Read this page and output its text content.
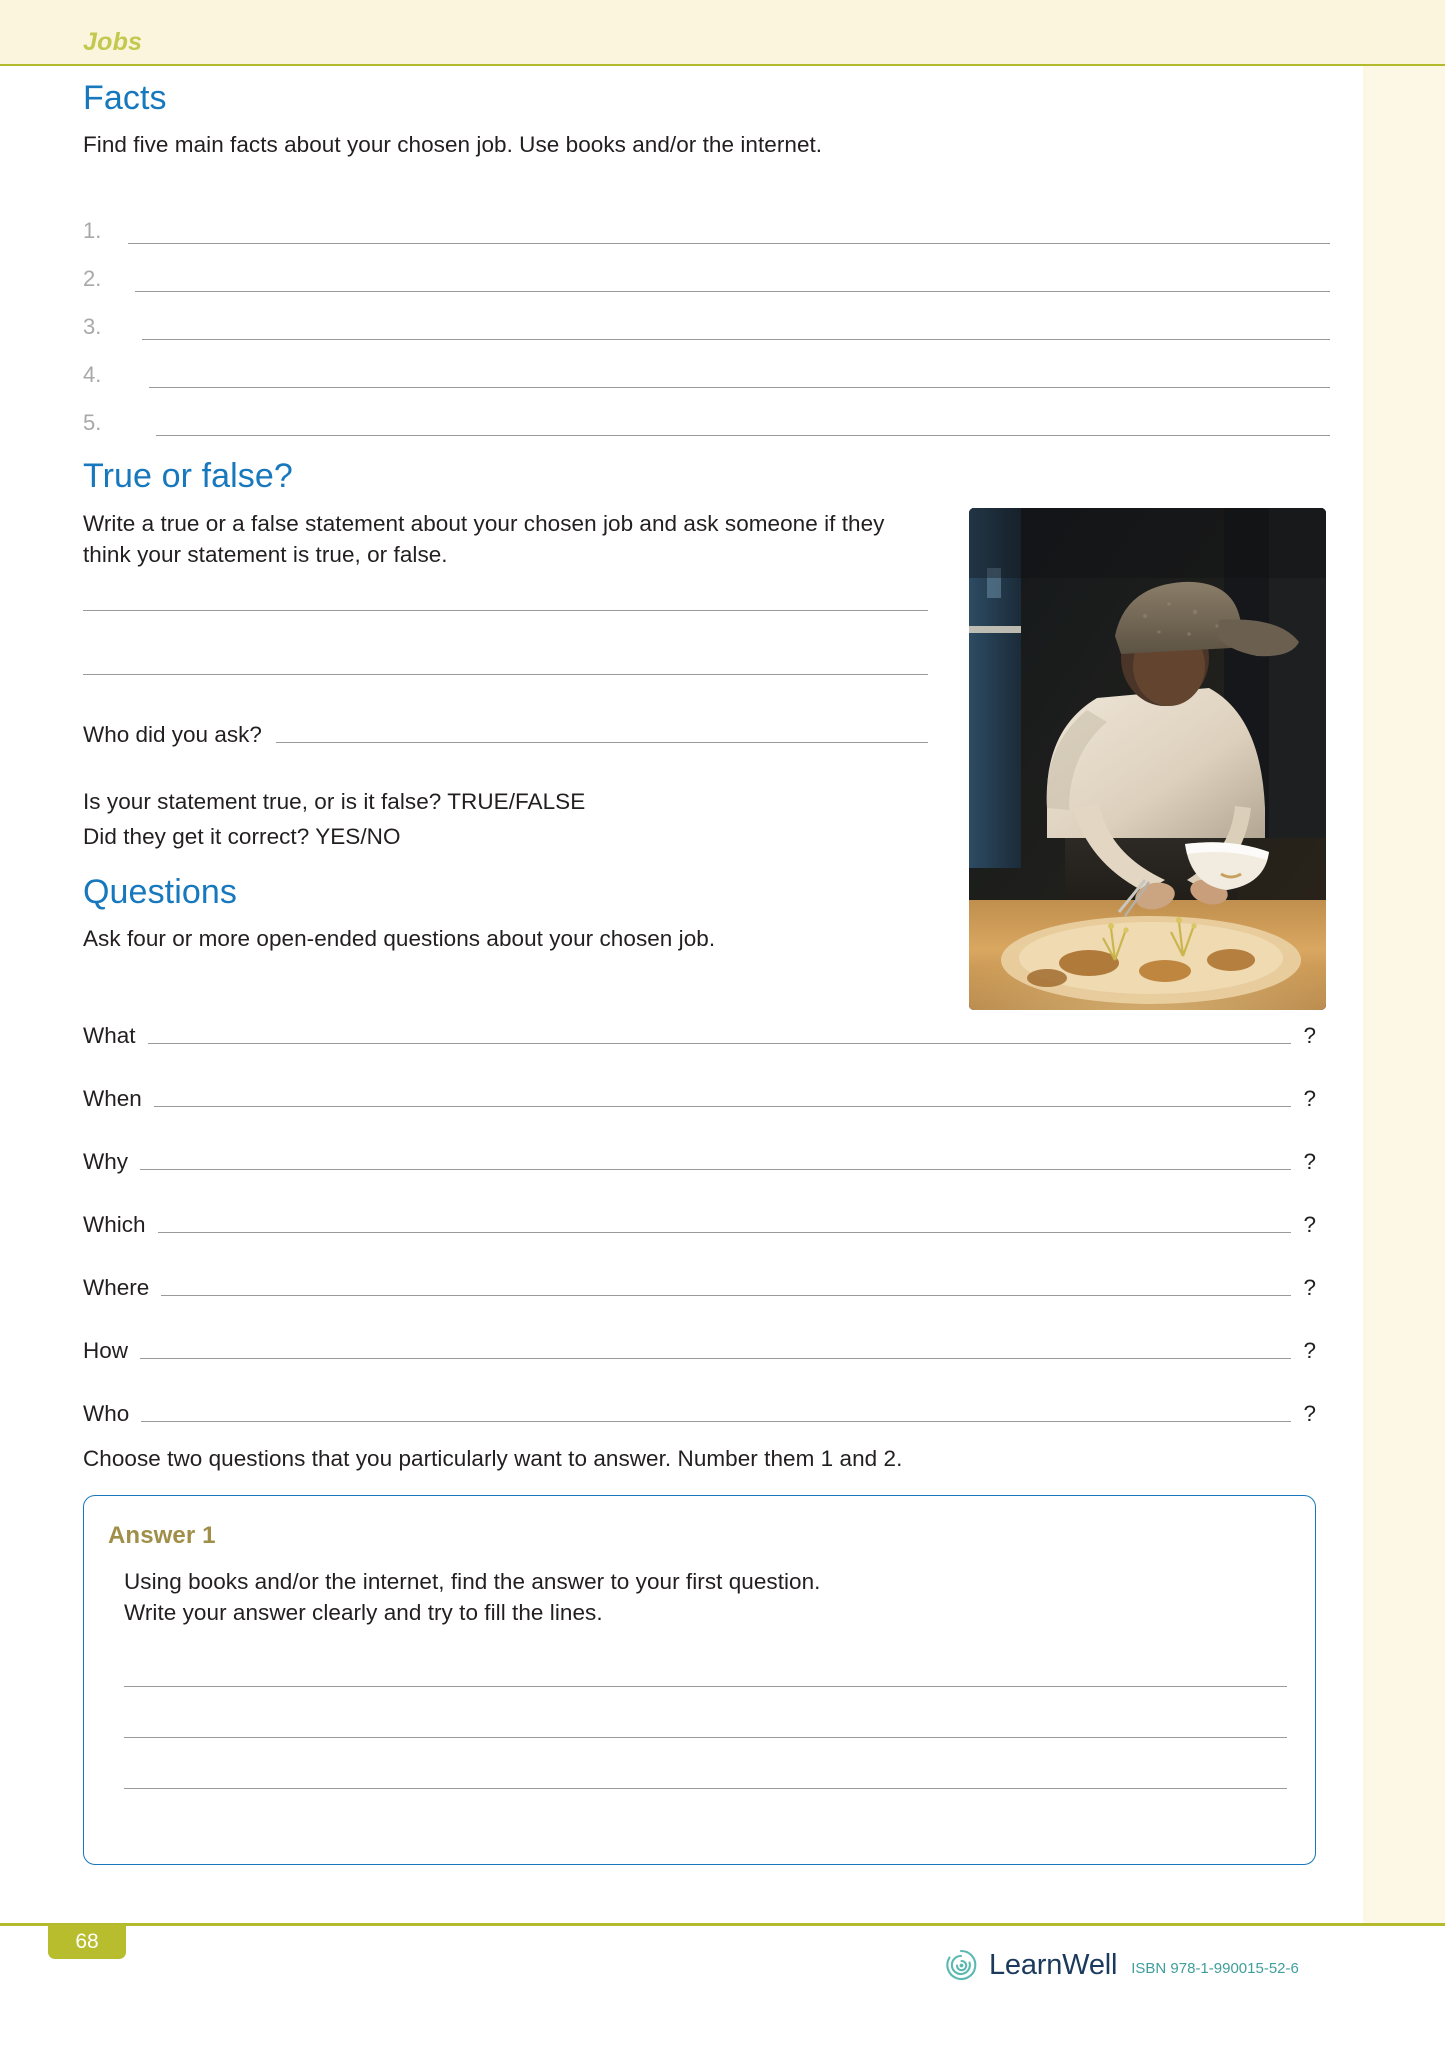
Jobs
Facts

Find five main facts about your chosen job. Use books and/or the internet.

1.
2.
3.
4.
5.
True or false?

Write a true or a false statement about your chosen job and ask someone if they think your statement is true, or false.

Who did you ask?

Is your statement true, or is it false? TRUE/FALSE

Did they get it correct? YES/NO

Questions

Ask four or more open-ended questions about your chosen job.

What	?
When	?
Why	?
Which	?
Where	?
How	?
Who	?

Choose two questions that you particularly want to answer. Number them 1 and 2.

Answer 1

Using books and/or the internet, find the answer to your first question.

Write your answer clearly and try to fill the lines.

68
LearnWell ISBN 978-1-990015-52-6
